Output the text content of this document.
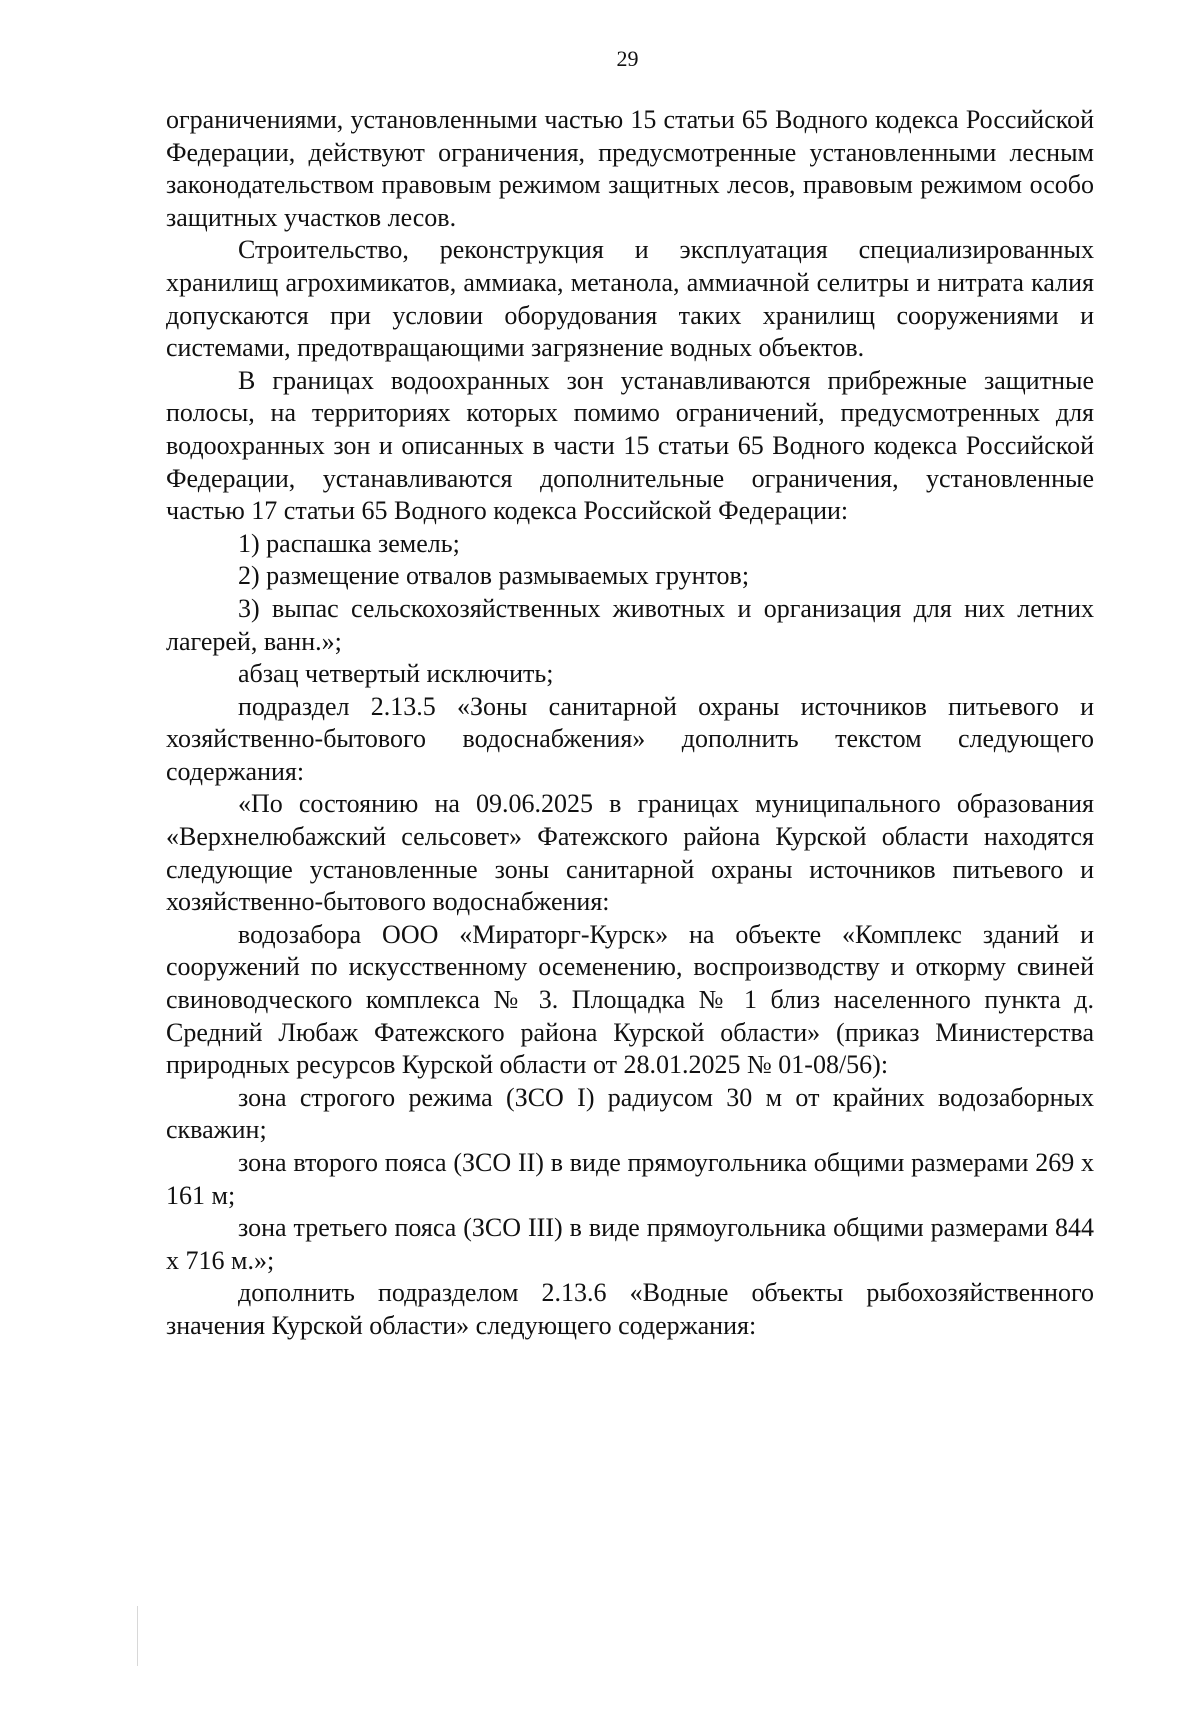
29

ограничениями, установленными частью 15 статьи 65 Водного кодекса Российской Федерации, действуют ограничения, предусмотренные установленными лесным законодательством правовым режимом защитных лесов, правовым режимом особо защитных участков лесов.

Строительство, реконструкция и эксплуатация специализированных хранилищ агрохимикатов, аммиака, метанола, аммиачной селитры и нитрата калия допускаются при условии оборудования таких хранилищ сооружениями и системами, предотвращающими загрязнение водных объектов.

В границах водоохранных зон устанавливаются прибрежные защитные полосы, на территориях которых помимо ограничений, предусмотренных для водоохранных зон и описанных в части 15 статьи 65 Водного кодекса Российской Федерации, устанавливаются дополнительные ограничения, установленные частью 17 статьи 65 Водного кодекса Российской Федерации:

1) распашка земель;

2) размещение отвалов размываемых грунтов;

3) выпас сельскохозяйственных животных и организация для них летних лагерей, ванн.»;

абзац четвертый исключить;

подраздел 2.13.5 «Зоны санитарной охраны источников питьевого и хозяйственно-бытового водоснабжения» дополнить текстом следующего содержания:

«По состоянию на 09.06.2025 в границах муниципального образования «Верхнелюбажский сельсовет» Фатежского района Курской области находятся следующие установленные зоны санитарной охраны источников питьевого и хозяйственно-бытового водоснабжения:

водозабора ООО «Мираторг-Курск» на объекте «Комплекс зданий и сооружений по искусственному осеменению, воспроизводству и откорму свиней свиноводческого комплекса № 3. Площадка № 1 близ населенного пункта д. Средний Любаж Фатежского района Курской области» (приказ Министерства природных ресурсов Курской области от 28.01.2025 № 01-08/56):

зона строгого режима (ЗСО I) радиусом 30 м от крайних водозаборных скважин;

зона второго пояса (ЗСО II) в виде прямоугольника общими размерами 269 х 161 м;

зона третьего пояса (ЗСО III) в виде прямоугольника общими размерами 844 х 716 м.»;

дополнить подразделом 2.13.6 «Водные объекты рыбохозяйственного значения Курской области» следующего содержания:
